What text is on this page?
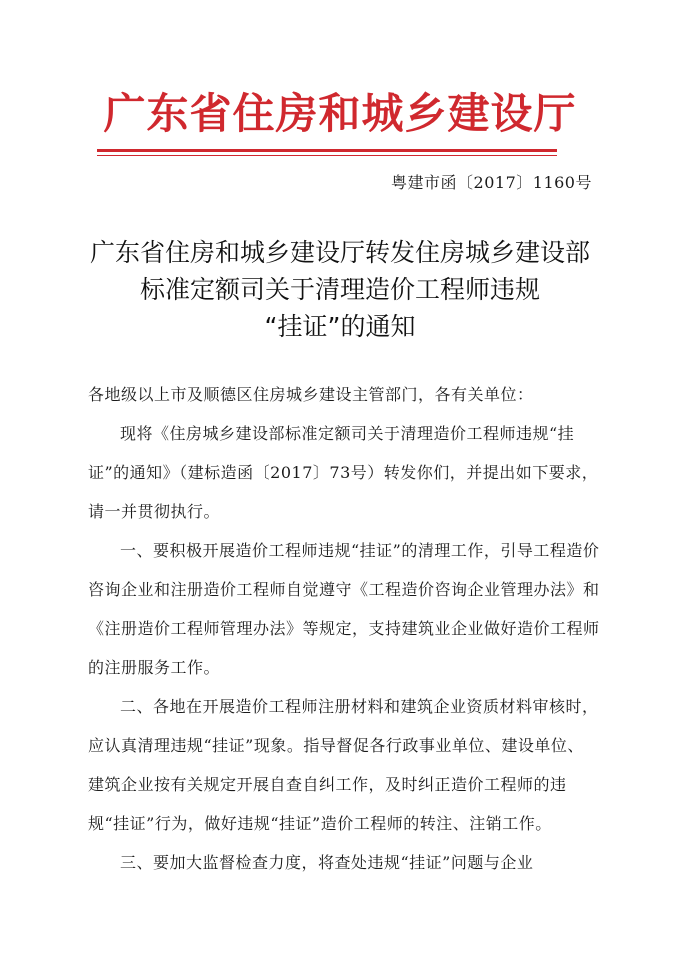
广东省住房和城乡建设厅
粤建市函〔2017〕1160号
广东省住房和城乡建设厅转发住房城乡建设部
标准定额司关于清理造价工程师违规
“挂证”的通知

各地级以上市及顺德区住房城乡建设主管部门，各有关单位：

现将《住房城乡建设部标准定额司关于清理造价工程师违规“挂证”的通知》（建标造函〔2017〕73号）转发你们，并提出如下要求，请一并贯彻执行。

一、要积极开展造价工程师违规“挂证”的清理工作，引导工程造价咨询企业和注册造价工程师自觉遵守《工程造价咨询企业管理办法》和《注册造价工程师管理办法》等规定，支持建筑业企业做好造价工程师的注册服务工作。

二、各地在开展造价工程师注册材料和建筑企业资质材料审核时，应认真清理违规“挂证”现象。指导督促各行政事业单位、建设单位、建筑企业按有关规定开展自查自纠工作，及时纠正造价工程师的违规“挂证”行为，做好违规“挂证”造价工程师的转注、注销工作。

三、要加大监督检查力度，将查处违规“挂证”问题与企业
